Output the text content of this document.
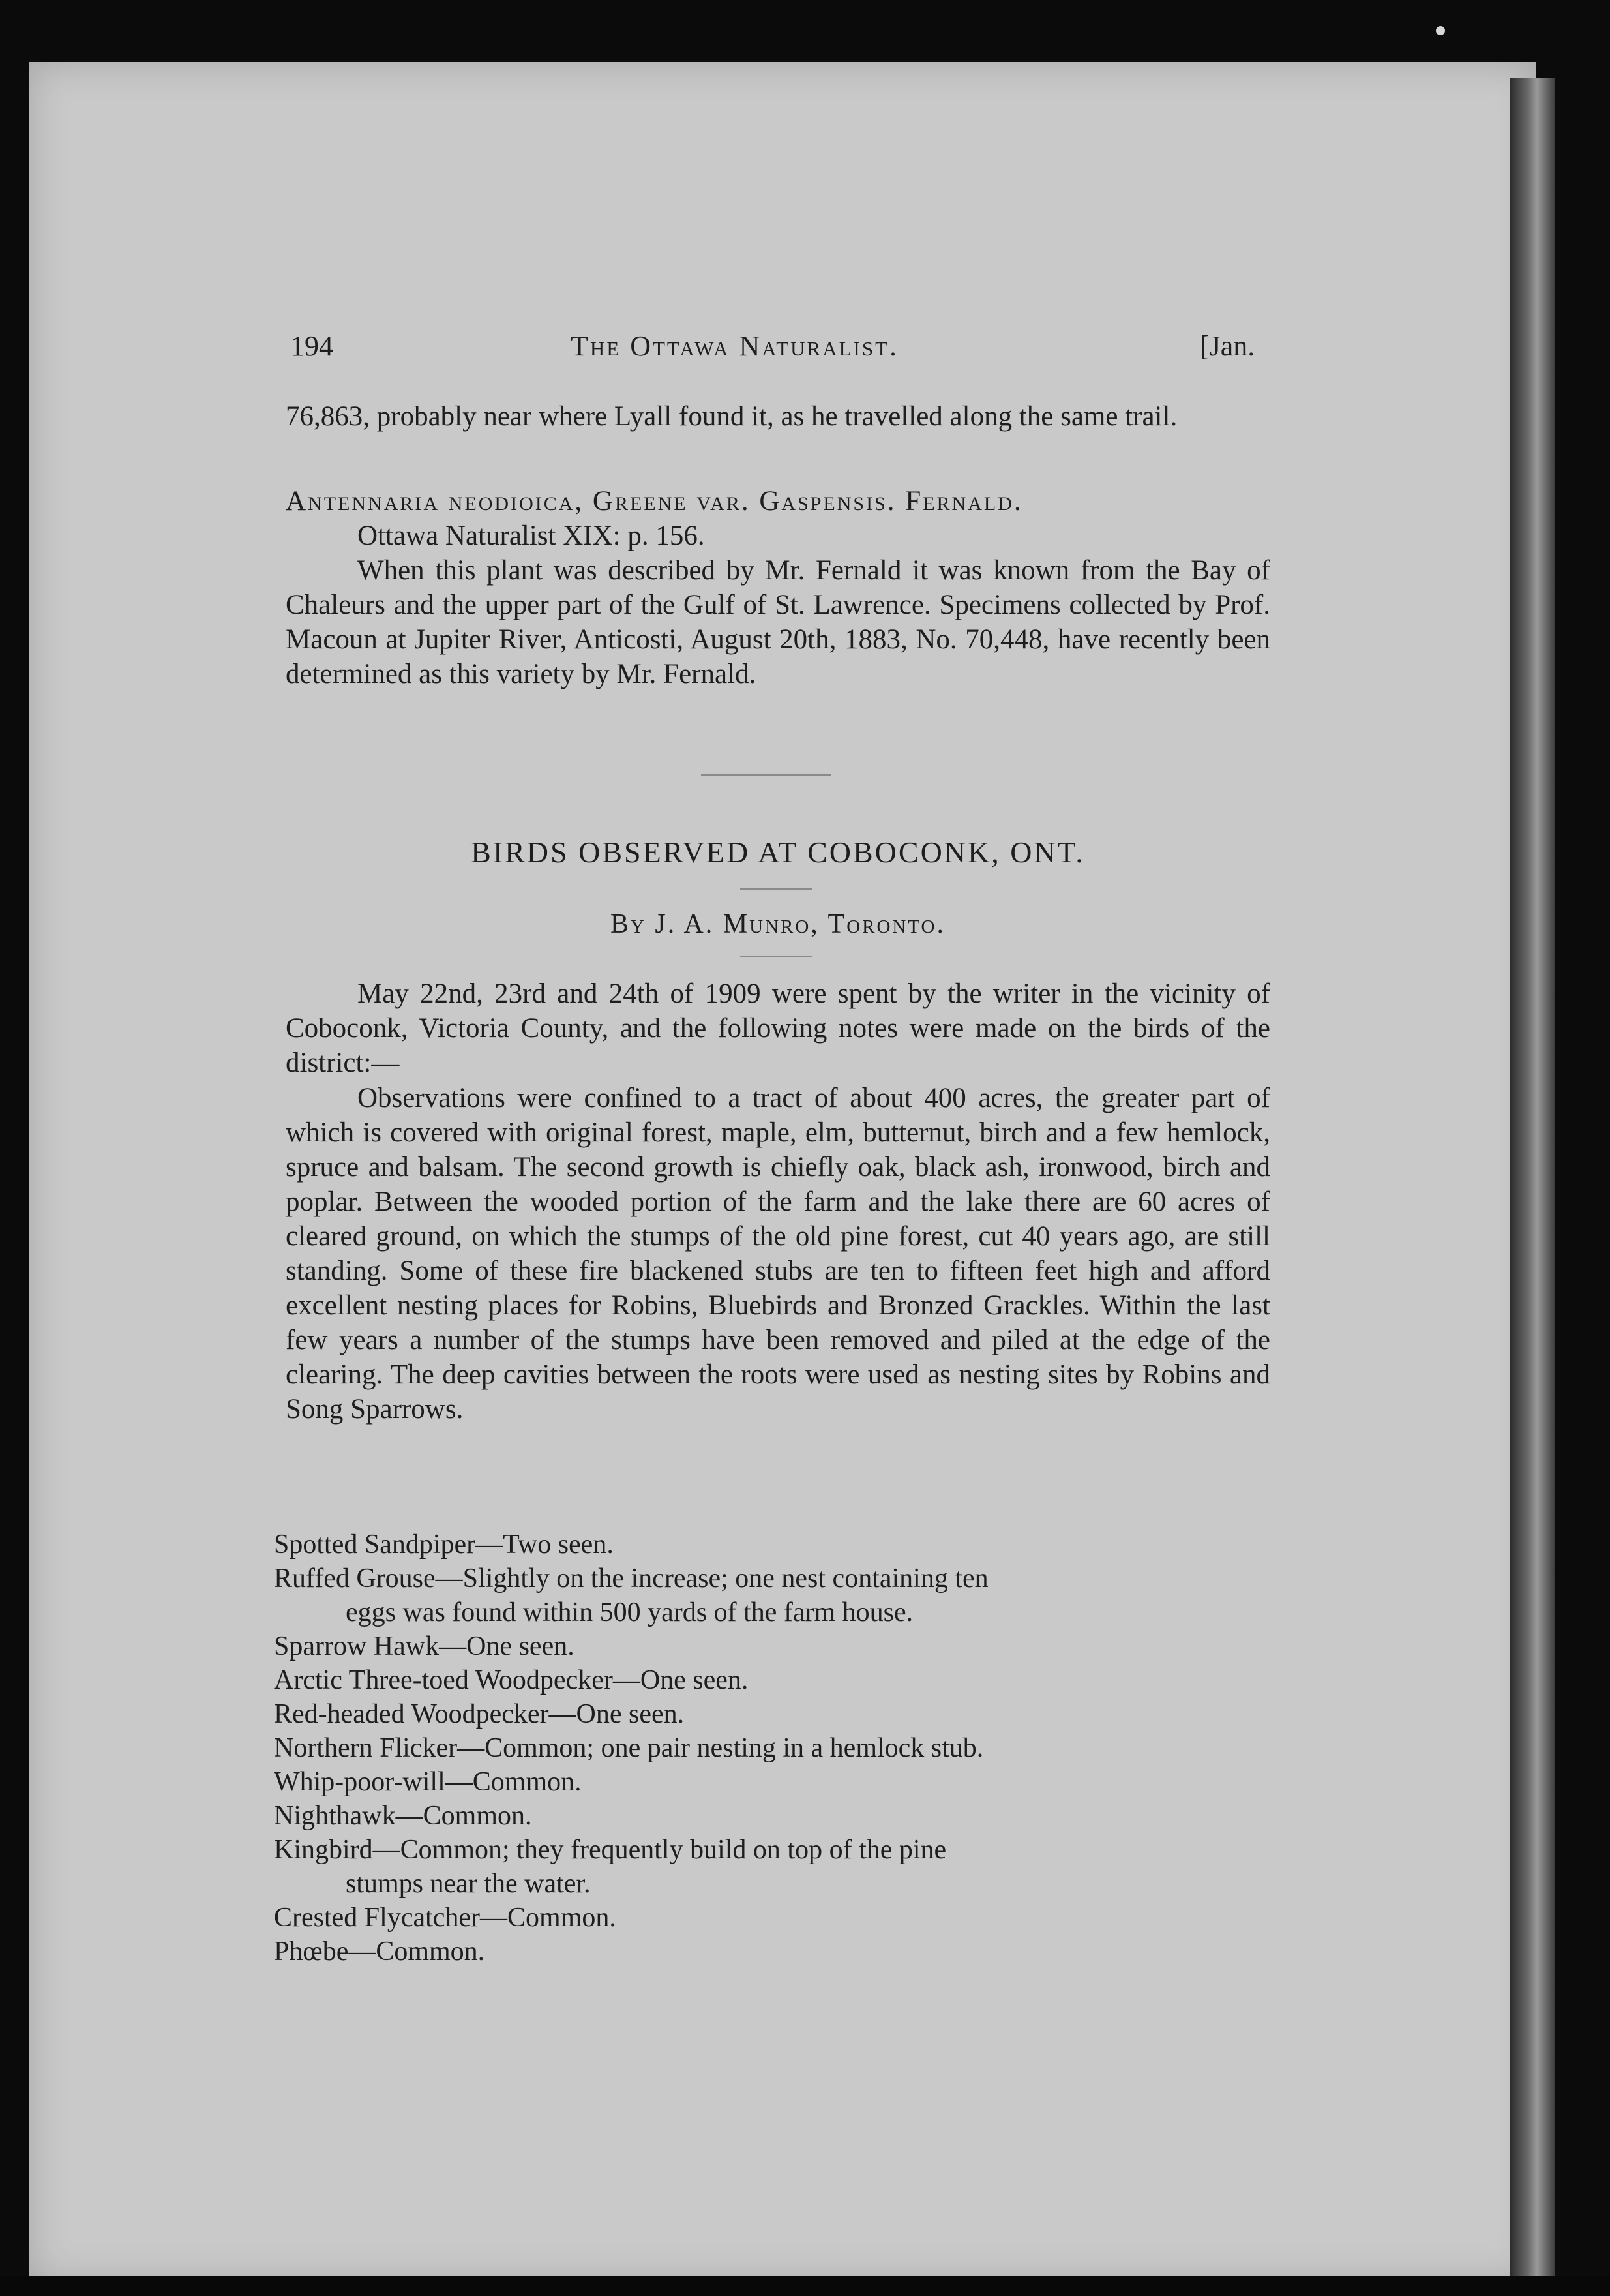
194	The Ottawa Naturalist.	[Jan.
76,863, probably near where Lyall found it, as he travelled along the same trail.
Antennaria neodioica, Greene var. Gaspensis. Fernald.
Ottawa Naturalist XIX: p. 156.
When this plant was described by Mr. Fernald it was known from the Bay of Chaleurs and the upper part of the Gulf of St. Lawrence. Specimens collected by Prof. Macoun at Jupiter River, Anticosti, August 20th, 1883, No. 70,448, have recently been determined as this variety by Mr. Fernald.
BIRDS OBSERVED AT COBOCONK, ONT.
By J. A. Munro, Toronto.
May 22nd, 23rd and 24th of 1909 were spent by the writer in the vicinity of Coboconk, Victoria County, and the following notes were made on the birds of the district:—
Observations were confined to a tract of about 400 acres, the greater part of which is covered with original forest, maple, elm, butternut, birch and a few hemlock, spruce and balsam. The second growth is chiefly oak, black ash, ironwood, birch and poplar. Between the wooded portion of the farm and the lake there are 60 acres of cleared ground, on which the stumps of the old pine forest, cut 40 years ago, are still standing. Some of these fire blackened stubs are ten to fifteen feet high and afford excellent nesting places for Robins, Bluebirds and Bronzed Grackles. Within the last few years a number of the stumps have been removed and piled at the edge of the clearing. The deep cavities between the roots were used as nesting sites by Robins and Song Sparrows.
Spotted Sandpiper—Two seen.
Ruffed Grouse—Slightly on the increase; one nest containing ten
eggs was found within 500 yards of the farm house.
Sparrow Hawk—One seen.
Arctic Three-toed Woodpecker—One seen.
Red-headed Woodpecker—One seen.
Northern Flicker—Common; one pair nesting in a hemlock stub.
Whip-poor-will—Common.
Nighthawk—Common.
Kingbird—Common; they frequently build on top of the pine
stumps near the water.
Crested Flycatcher—Common.
Phœbe—Common.
